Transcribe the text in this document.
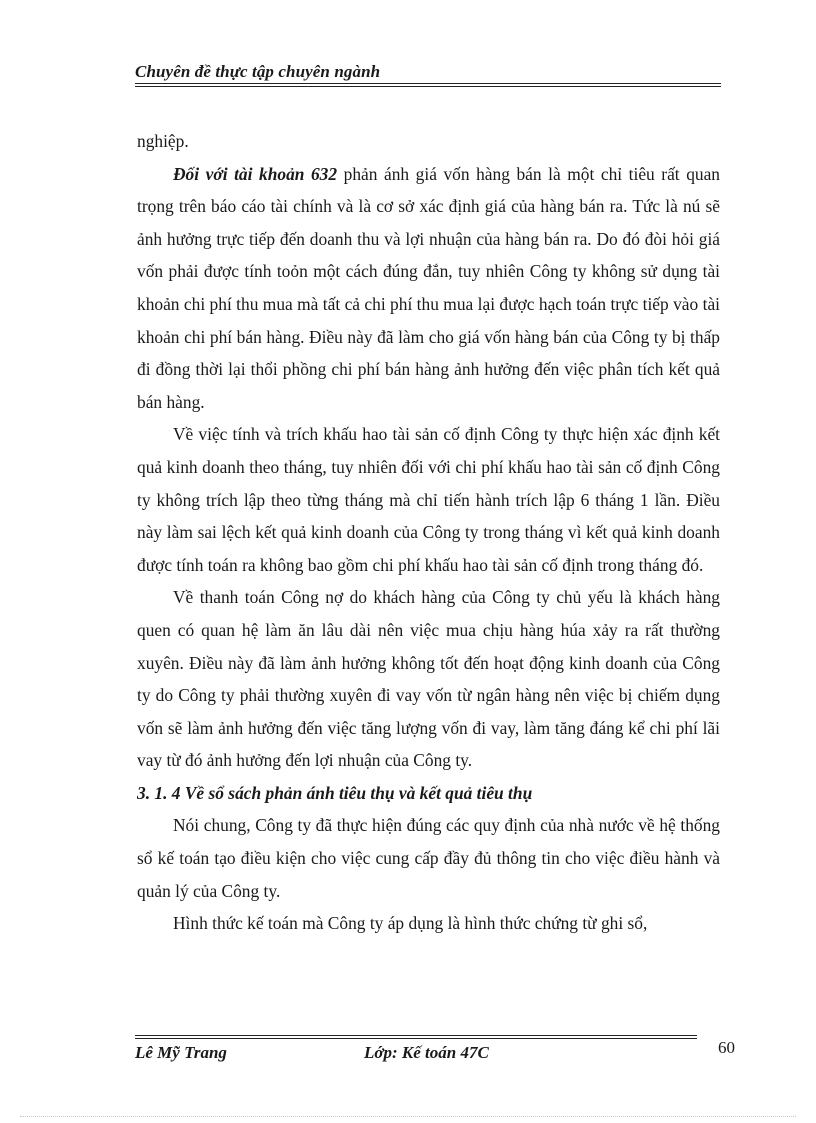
Chuyên đề thực tập chuyên ngành

nghiệp.

Đối với tài khoản 632 phản ánh giá vốn hàng bán là một chỉ tiêu rất quan trọng trên báo cáo tài chính và là cơ sở xác định giá của hàng bán ra. Tức là nú sẽ ảnh hưởng trực tiếp đến doanh thu và lợi nhuận của hàng bán ra. Do đó đòi hỏi giá vốn phải được tính toỏn một cách đúng đắn, tuy nhiên Công ty không sử dụng tài khoản chi phí thu mua mà tất cả chi phí thu mua lại được hạch toán trực tiếp vào tài khoản chi phí bán hàng. Điều này đã làm cho giá vốn hàng bán của Công ty bị thấp đi đồng thời lại thổi phồng chi phí bán hàng ảnh hưởng đến việc phân tích kết quả bán hàng.

Về việc tính và trích khấu hao tài sản cố định Công ty thực hiện xác định kết quả kinh doanh theo tháng, tuy nhiên đối với chi phí khấu hao tài sản cố định Công ty không trích lập theo từng tháng mà chỉ tiến hành trích lập 6 tháng 1 lần. Điều này làm sai lệch kết quả kinh doanh của Công ty trong tháng vì kết quả kinh doanh được tính toán ra không bao gồm chi phí khấu hao tài sản cố định trong tháng đó.

Về thanh toán Công nợ do khách hàng của Công ty chủ yếu là khách hàng quen có quan hệ làm ăn lâu dài nên việc mua chịu hàng húa xảy ra rất thường xuyên. Điều này đã làm ảnh hưởng không tốt đến hoạt động kinh doanh của Công ty do Công ty phải thường xuyên đi vay vốn từ ngân hàng nên việc bị chiếm dụng vốn sẽ làm ảnh hưởng đến việc tăng lượng vốn đi vay, làm tăng đáng kể chi phí lãi vay từ đó ảnh hưởng đến lợi nhuận của Công ty.

3. 1. 4 Về sổ sách phản ánh tiêu thụ và kết quả tiêu thụ

Nói chung, Công ty đã thực hiện đúng các quy định của nhà nước về hệ thống sổ kế toán tạo điều kiện cho việc cung cấp đầy đủ thông tin cho việc điều hành và quản lý của Công ty.

Hình thức kế toán mà Công ty áp dụng là hình thức chứng từ ghi sổ,

Lê Mỹ Trang	Lớp: Kế toán 47C	60
